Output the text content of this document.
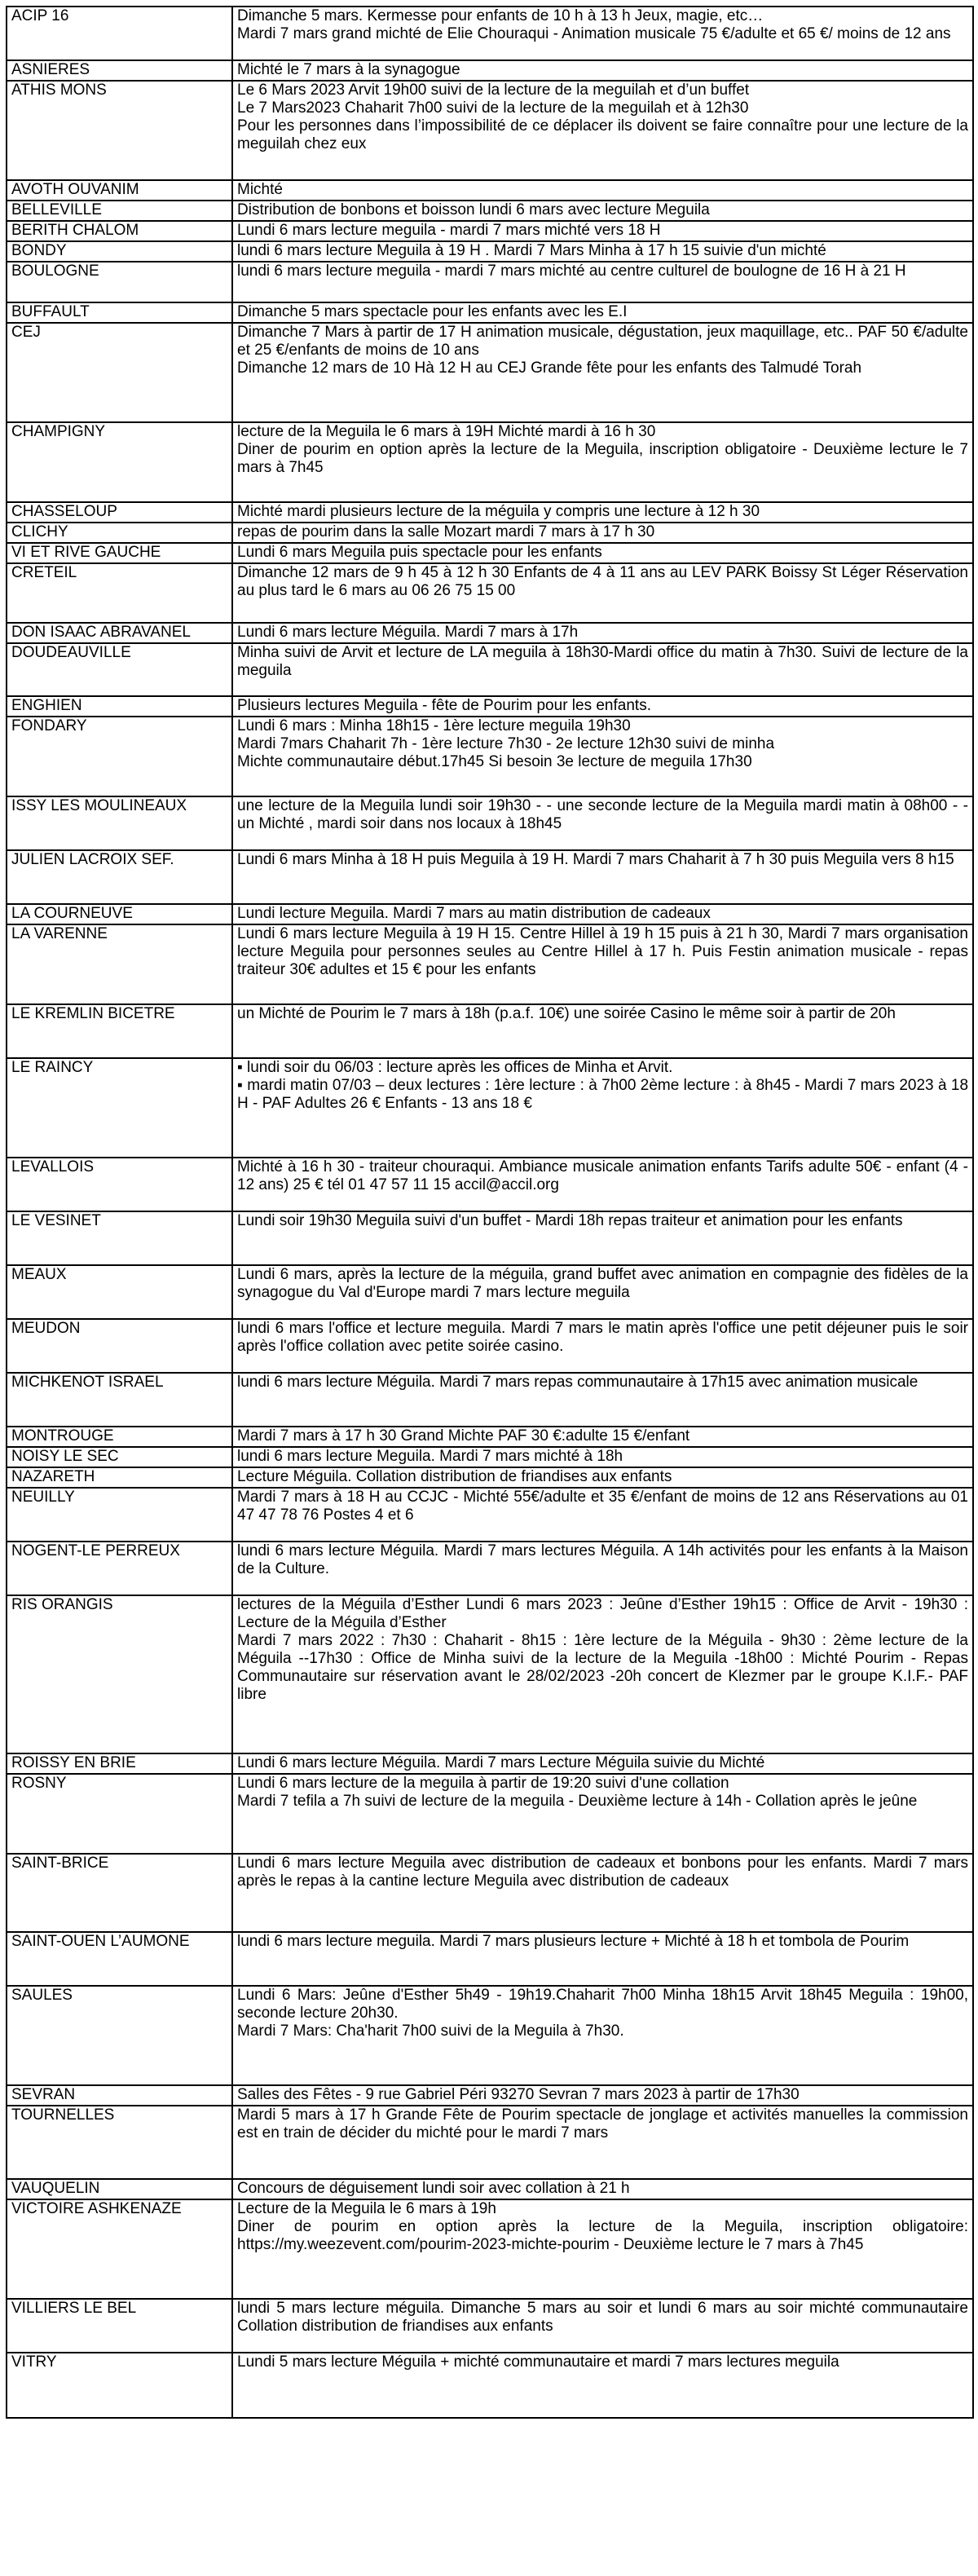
ACIP 16	Dimanche 5 mars. Kermesse pour enfants de 10 h à 13 h Jeux, magie, etc…

Mardi 7 mars grand michté de Elie Chouraqui - Animation musicale 75 €/adulte et 65 €/ moins de 12 ans

ASNIERES	Michté le 7 mars à la synagogue

ATHIS MONS	Le 6 Mars 2023 Arvit 19h00 suivi de la lecture de la meguilah et d’un buffet

Le 7 Mars2023 Chaharit 7h00 suivi de la lecture de la meguilah et à 12h30

Pour les personnes dans l’impossibilité de ce déplacer ils doivent se faire connaître pour une lecture de la meguilah chez eux

AVOTH OUVANIM	Michté

BELLEVILLE	Distribution de bonbons et boisson lundi 6 mars avec lecture Meguila

BERITH CHALOM	Lundi 6 mars lecture meguila - mardi 7 mars michté vers 18 H

BONDY	lundi 6 mars lecture Meguila à 19 H . Mardi 7 Mars Minha à 17 h 15 suivie d'un michté

BOULOGNE	lundi 6 mars lecture meguila - mardi 7 mars michté au centre culturel de boulogne de 16 H à 21 H

BUFFAULT	Dimanche 5 mars spectacle pour les enfants avec les E.I

CEJ	Dimanche 7 Mars à partir de 17 H animation musicale, dégustation, jeux maquillage, etc.. PAF 50 €/adulte et 25 €/enfants de moins de 10 ans

Dimanche 12 mars de 10 Hà 12 H au CEJ Grande fête pour les enfants des Talmudé Torah

CHAMPIGNY	lecture de la Meguila le 6 mars à 19H Michté mardi à 16 h 30

Diner de pourim en option après la lecture de la Meguila, inscription obligatoire - Deuxième lecture le 7 mars à 7h45

CHASSELOUP	Michté mardi plusieurs lecture de la méguila y compris une lecture à 12 h 30

CLICHY	repas de pourim dans la salle Mozart mardi 7 mars à 17 h 30

VI ET RIVE GAUCHE	Lundi 6 mars Meguila puis spectacle pour les enfants

CRETEIL	Dimanche 12 mars de 9 h 45 à 12 h 30 Enfants de 4 à 11 ans au LEV PARK Boissy St Léger Réservation au plus tard le 6 mars au 06 26 75 15 00

DON ISAAC ABRAVANEL	Lundi 6 mars lecture Méguila. Mardi 7 mars à 17h

DOUDEAUVILLE	Minha suivi de Arvit et lecture de LA meguila à 18h30-Mardi office du matin à 7h30. Suivi de lecture de la meguila

ENGHIEN	Plusieurs lectures Meguila - fête de Pourim pour les enfants.

FONDARY	Lundi 6 mars : Minha 18h15 - 1ère lecture meguila 19h30

Mardi 7mars Chaharit 7h - 1ère lecture 7h30 - 2e lecture 12h30 suivi de minha

Michte communautaire début.17h45 Si besoin 3e lecture de meguila 17h30

ISSY LES MOULINEAUX	une lecture de la Meguila lundi soir 19h30 - - une seconde lecture de la Meguila mardi matin à 08h00 - - un Michté , mardi soir dans nos locaux à 18h45

JULIEN LACROIX SEF.	Lundi 6 mars Minha à 18 H puis Meguila à 19 H. Mardi 7 mars Chaharit à 7 h 30 puis Meguila vers 8 h15

LA COURNEUVE	Lundi lecture Meguila. Mardi 7 mars au matin distribution de cadeaux

LA VARENNE	Lundi 6 mars lecture Meguila à 19 H 15. Centre Hillel à 19 h 15 puis à 21 h 30, Mardi 7 mars organisation lecture Meguila pour personnes seules au Centre Hillel à 17 h. Puis Festin animation musicale - repas traiteur 30€ adultes et 15 € pour les enfants

LE KREMLIN BICETRE	un Michté de Pourim le 7 mars à 18h (p.a.f. 10€) une soirée Casino le même soir à partir de 20h

LE RAINCY	▪ lundi soir du 06/03 : lecture après les offices de Minha et Arvit.

▪ mardi matin 07/03 – deux lectures : 1ère lecture : à 7h00 2ème lecture : à 8h45 - Mardi 7 mars 2023 à 18 H - PAF Adultes 26 € Enfants - 13 ans 18 €

LEVALLOIS	Michté à 16 h 30 - traiteur chouraqui. Ambiance musicale animation enfants Tarifs adulte 50€ - enfant (4 - 12 ans) 25 € tél 01 47 57 11 15 accil@accil.org

LE VESINET	Lundi soir 19h30 Meguila suivi d'un buffet - Mardi 18h repas traiteur et animation pour les enfants

MEAUX	Lundi 6 mars, après la lecture de la méguila, grand buffet avec animation en compagnie des fidèles de la synagogue du Val d'Europe mardi 7 mars lecture meguila

MEUDON	lundi 6 mars l'office et lecture meguila. Mardi 7 mars le matin après l'office une petit déjeuner puis le soir après l'office collation avec petite soirée casino.

MICHKENOT ISRAEL	lundi 6 mars lecture Méguila. Mardi 7 mars repas communautaire à 17h15 avec animation musicale

MONTROUGE	Mardi 7 mars à 17 h 30 Grand Michte PAF 30 €:adulte 15 €/enfant

NOISY LE SEC	lundi 6 mars lecture Meguila. Mardi 7 mars michté à 18h

NAZARETH	Lecture Méguila. Collation distribution de friandises aux enfants

NEUILLY	Mardi 7 mars à 18 H au CCJC - Michté 55€/adulte et 35 €/enfant de moins de 12 ans Réservations au 01 47 47 78 76 Postes 4 et 6

NOGENT-LE PERREUX	lundi 6 mars lecture Méguila. Mardi 7 mars lectures Méguila. A 14h activités pour les enfants à la Maison de la Culture.

RIS ORANGIS	lectures de la Méguila d’Esther Lundi 6 mars 2023 : Jeûne d’Esther 19h15 : Office de Arvit - 19h30 : Lecture de la Méguila d’Esther

Mardi 7 mars 2022 : 7h30 : Chaharit - 8h15 : 1ère lecture de la Méguila - 9h30 : 2ème lecture de la Méguila --17h30 : Office de Minha suivi de la lecture de la Meguila -18h00 : Michté Pourim - Repas Communautaire sur réservation avant le 28/02/2023 -20h concert de Klezmer par le groupe K.I.F.- PAF libre

ROISSY EN BRIE	Lundi 6 mars lecture Méguila. Mardi 7 mars Lecture Méguila suivie du Michté

ROSNY	Lundi 6 mars lecture de la meguila à partir de 19:20 suivi d'une collation

Mardi 7 tefila a 7h suivi de lecture de la meguila - Deuxième lecture à 14h - Collation après le jeûne

SAINT-BRICE	Lundi 6 mars lecture Meguila avec distribution de cadeaux et bonbons pour les enfants. Mardi 7 mars après le repas à la cantine lecture Meguila avec distribution de cadeaux

SAINT-OUEN L’AUMONE	lundi 6 mars lecture meguila. Mardi 7 mars plusieurs lecture + Michté à 18 h et tombola de Pourim

SAULES	Lundi 6 Mars: Jeûne d'Esther 5h49 - 19h19.Chaharit 7h00 Minha 18h15 Arvit 18h45 Meguila : 19h00, seconde lecture 20h30.

Mardi 7 Mars: Cha'harit 7h00 suivi de la Meguila à 7h30.

SEVRAN	Salles des Fêtes - 9 rue Gabriel Péri 93270 Sevran 7 mars 2023 à partir de 17h30

TOURNELLES	Mardi 5 mars à 17 h Grande Fête de Pourim spectacle de jonglage et activités manuelles la commission est en train de décider du michté pour le mardi 7 mars

VAUQUELIN	Concours de déguisement lundi soir avec collation à 21 h

VICTOIRE ASHKENAZE	Lecture de la Meguila le 6 mars à 19h

Diner de pourim en option après la lecture de la Meguila, inscription obligatoire: https://my.weezevent.com/pourim-2023-michte-pourim - Deuxième lecture le 7 mars à 7h45

VILLIERS LE BEL	lundi 5 mars lecture méguila. Dimanche 5 mars au soir et lundi 6 mars au soir michté communautaire Collation distribution de friandises aux enfants

VITRY	Lundi 5 mars lecture Méguila + michté communautaire et mardi 7 mars lectures meguila
